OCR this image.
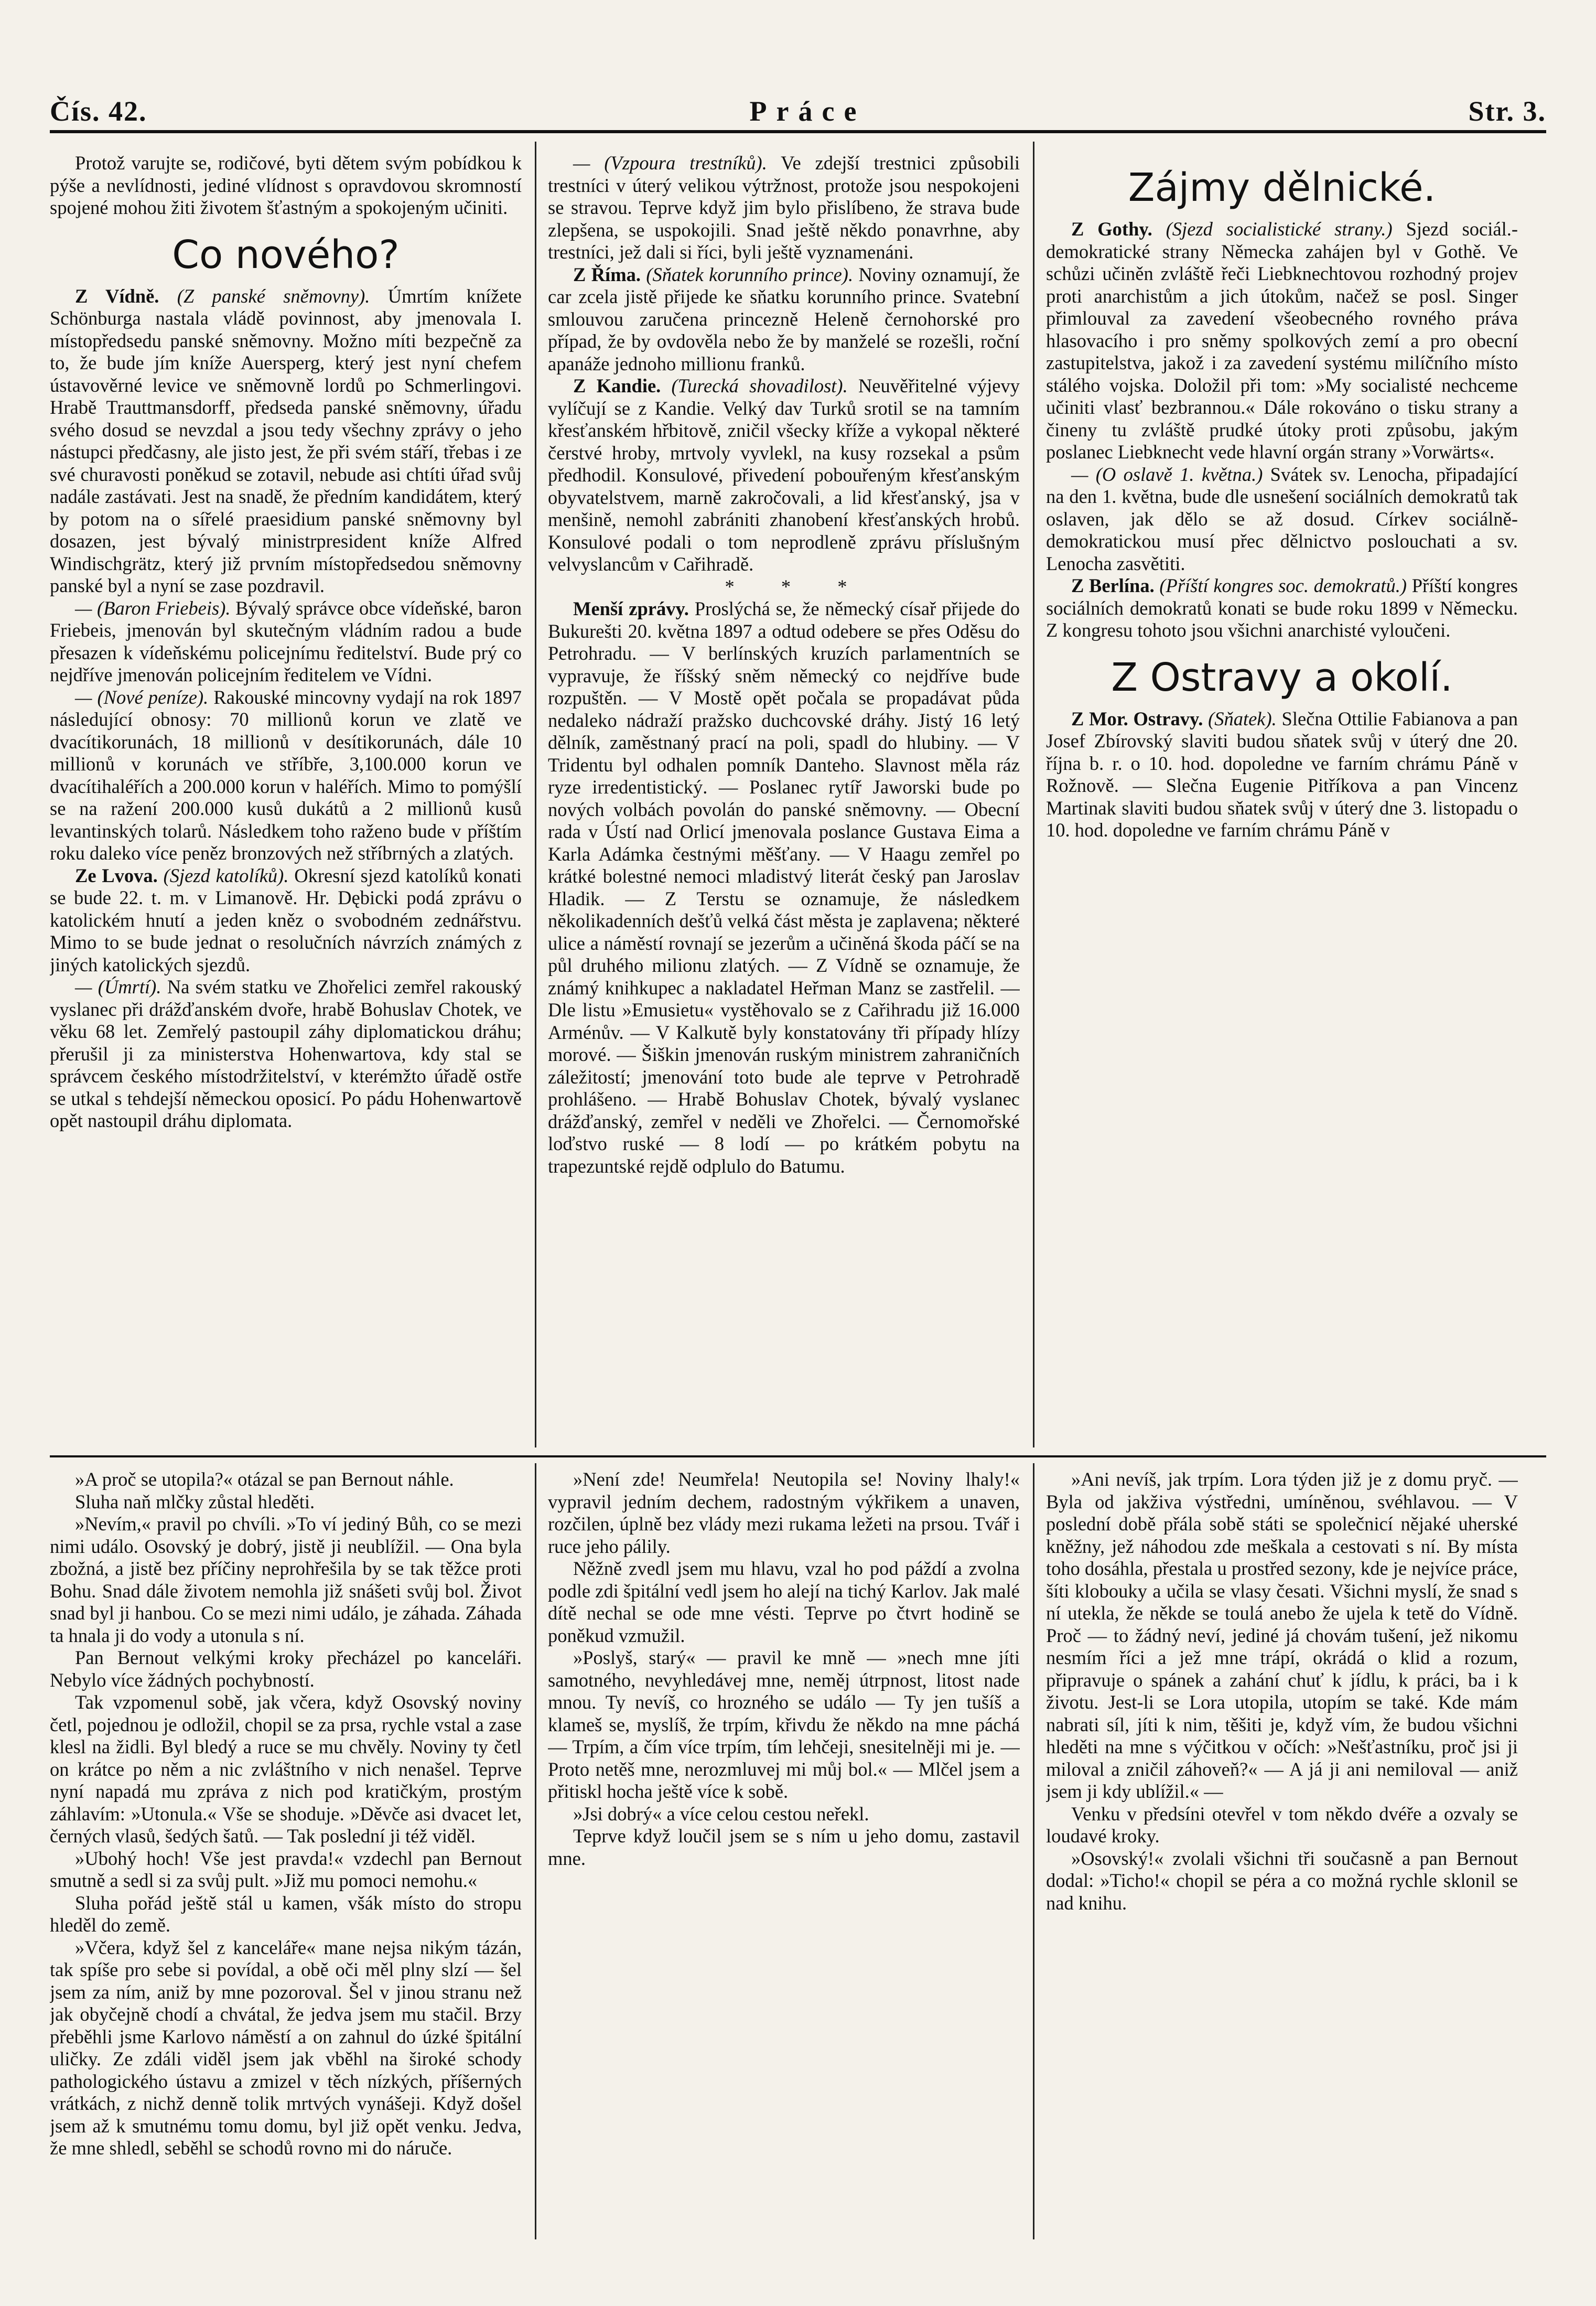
Čís. 42.	Práce	Str. 3.

Protož varujte se, rodičové, byti dětem svým pobídkou k pýše a nevlídnosti, jediné vlídnost s opravdovou skromností spojené mohou žiti životem šťastným a spokojeným učiniti.

Co nového?

Z Vídně. (Z panské sněmovny). Úmrtím knížete Schönburga nastala vládě povinnost, aby jmenovala I. místopředsedu panské sněmovny. Možno míti bezpečně za to, že bude jím kníže Auersperg, který jest nyní chefem ústavověrné levice ve sněmovně lordů po Schmerlingovi. Hrabě Trauttmansdorff, předseda panské sněmovny, úřadu svého dosud se nevzdal a jsou tedy všechny zprávy o jeho nástupci předčasny, ale jisto jest, že při svém stáří, třebas i ze své churavosti poněkud se zotavil, nebude asi chtíti úřad svůj nadále zastávati. Jest na snadě, že předním kandidátem, který by potom na o sířelé praesidium panské sněmovny byl dosazen, jest bývalý ministrpresident kníže Alfred Windischgrätz, který již prvním místopředsedou sněmovny panské byl a nyní se zase pozdravil.

— (Baron Friebeis). Bývalý správce obce vídeňské, baron Friebeis, jmenován byl skutečným vládním radou a bude přesazen k vídeňskému policejnímu ředitelství. Bude prý co nejdříve jmenován policejním ředitelem ve Vídni.

— (Nové peníze). Rakouské mincovny vydají na rok 1897 následující obnosy: 70 millionů korun ve zlatě ve dvacítikorunách, 18 millionů v desítikorunách, dále 10 millionů v korunách ve stříbře, 3,100.000 korun ve dvacítihaléřích a 200.000 korun v haléřích. Mimo to pomýšlí se na ražení 200.000 kusů dukátů a 2 millionů kusů levantinských tolarů. Následkem toho raženo bude v příštím roku daleko více peněz bronzových než stříbrných a zlatých.

Ze Lvova. (Sjezd katolíků). Okresní sjezd katolíků konati se bude 22. t. m. v Limanově. Hr. Dębicki podá zprávu o katolickém hnutí a jeden kněz o svobodném zednářstvu. Mimo to se bude jednat o resolučních návrzích známých z jiných katolických sjezdů.

— (Úmrtí). Na svém statku ve Zhořelici zemřel rakouský vyslanec při drážďanském dvoře, hrabě Bohuslav Chotek, ve věku 68 let. Zemřelý pastoupil záhy diplomatickou dráhu; přerušil ji za ministerstva Hohenwartova, kdy stal se správcem českého místodržitelství, v kterémžto úřadě ostře se utkal s tehdejší německou oposicí. Po pádu Hohenwartově opět nastoupil dráhu diplomata.

— (Vzpoura trestníků). Ve zdejší trestnici způsobili trestníci v úterý velikou výtržnost, protože jsou nespokojeni se stravou. Teprve když jim bylo přislíbeno, že strava bude zlepšena, se uspokojili. Snad ještě někdo ponavrhne, aby trestníci, jež dali si říci, byli ještě vyznamenáni.

Z Říma. (Sňatek korunního prince). Noviny oznamují, že car zcela jistě přijede ke sňatku korunního prince. Svatební smlouvou zaručena princezně Heleně černohorské pro případ, že by ovdověla nebo že by manželé se rozešli, roční apanáže jednoho millionu franků.

Z Kandie. (Turecká shovadilost). Neuvěřitelné výjevy vylíčují se z Kandie. Velký dav Turků srotil se na tamním křesťanském hřbitově, zničil všecky kříže a vykopal některé čerstvé hroby, mrtvoly vyvlekl, na kusy rozsekal a psům předhodil. Konsulové, přivedení pobouřeným křesťanským obyvatelstvem, marně zakročovali, a lid křesťanský, jsa v menšině, nemohl zabrániti zhanobení křesťanských hrobů. Konsulové podali o tom neprodleně zprávu příslušným velvyslancům v Cařihradě.

* * *

Menší zprávy. Proslýchá se, že německý císař přijede do Bukurešti 20. května 1897 a odtud odebere se přes Oděsu do Petrohradu. — V berlínských kruzích parlamentních se vypravuje, že říšský sněm německý co nejdříve bude rozpuštěn. — V Mostě opět počala se propadávat půda nedaleko nádraží pražsko duchcovské dráhy. Jistý 16 letý dělník, zaměstnaný prací na poli, spadl do hlubiny. — V Tridentu byl odhalen pomník Danteho. Slavnost měla ráz ryze irredentistický. — Poslanec rytíř Jaworski bude po nových volbách povolán do panské sněmovny. — Obecní rada v Ústí nad Orlicí jmenovala poslance Gustava Eima a Karla Adámka čestnými měšťany. — V Haagu zemřel po krátké bolestné nemoci mladistvý literát český pan Jaroslav Hladik. — Z Terstu se oznamuje, že následkem několikadenních dešťů velká část města je zaplavena; některé ulice a náměstí rovnají se jezerům a učiněná škoda páčí se na půl druhého milionu zlatých. — Z Vídně se oznamuje, že známý knihkupec a nakladatel Heřman Manz se zastřelil. — Dle listu »Emusietu« vystěhovalo se z Cařihradu již 16.000 Arménův. — V Kalkutě byly konstatovány tři případy hlízy morové. — Šiškin jmenován ruským ministrem zahraničních záležitostí; jmenování toto bude ale teprve v Petrohradě prohlášeno. — Hrabě Bohuslav Chotek, bývalý vyslanec drážďanský, zemřel v neděli ve Zhořelci. — Černomořské loďstvo ruské — 8 lodí — po krátkém pobytu na trapezuntské rejdě odplulo do Batumu.

Zájmy dělnické.

Z Gothy. (Sjezd socialistické strany.) Sjezd sociál.-demokratické strany Německa zahájen byl v Gothě. Ve schůzi učiněn zvláště řeči Liebknechtovou rozhodný projev proti anarchistům a jich útokům, načež se posl. Singer přimlouval za zavedení všeobecného rovného práva hlasovacího i pro sněmy spolkových zemí a pro obecní zastupitelstva, jakož i za zavedení systému milíčního místo stálého vojska. Doložil při tom: »My socialisté nechceme učiniti vlasť bezbrannou.« Dále rokováno o tisku strany a čineny tu zvláště prudké útoky proti způsobu, jakým poslanec Liebknecht vede hlavní orgán strany »Vorwärts«.

— (O oslavě 1. května.) Svátek sv. Lenocha, připadající na den 1. května, bude dle usnešení sociálních demokratů tak oslaven, jak dělo se až dosud. Církev sociálně-demokratickou musí přec dělnictvo poslouchati a sv. Lenocha zasvětiti.

Z Berlína. (Příští kongres soc. demokratů.) Příští kongres sociálních demokratů konati se bude roku 1899 v Německu. Z kongresu tohoto jsou všichni anarchisté vyloučeni.

Z Ostravy a okolí.

Z Mor. Ostravy. (Sňatek). Slečna Ottilie Fabianova a pan Josef Zbírovský slaviti budou sňatek svůj v úterý dne 20. října b. r. o 10. hod. dopoledne ve farním chrámu Páně v Rožnově. — Slečna Eugenie Pitříkova a pan Vincenz Martinak slaviti budou sňatek svůj v úterý dne 3. listopadu o 10. hod. dopoledne ve farním chrámu Páně v

»A proč se utopila?« otázal se pan Bernout náhle.

Sluha naň mlčky zůstal hleděti.

»Nevím,« pravil po chvíli. »To ví jediný Bůh, co se mezi nimi událo. Osovský je dobrý, jistě ji neublížil. — Ona byla zbožná, a jistě bez příčiny neprohřešila by se tak těžce proti Bohu. Snad dále životem nemohla již snášeti svůj bol. Život snad byl ji hanbou. Co se mezi nimi událo, je záhada. Záhada ta hnala ji do vody a utonula s ní.

Pan Bernout velkými kroky přecházel po kanceláři. Nebylo více žádných pochybností.

Tak vzpomenul sobě, jak včera, když Osovský noviny četl, pojednou je odložil, chopil se za prsa, rychle vstal a zase klesl na židli. Byl bledý a ruce se mu chvěly. Noviny ty četl on krátce po něm a nic zvláštního v nich nenašel. Teprve nyní napadá mu zpráva z nich pod kratičkým, prostým záhlavím: »Utonula.« Vše se shoduje. »Děvče asi dvacet let, černých vlasů, šedých šatů. — Tak poslední ji též viděl.

»Ubohý hoch! Vše jest pravda!« vzdechl pan Bernout smutně a sedl si za svůj pult. »Již mu pomoci nemohu.«

Sluha pořád ještě stál u kamen, všák místo do stropu hleděl do země.

»Včera, když šel z kanceláře« mane nejsa nikým tázán, tak spíše pro sebe si povídal, a obě oči měl plny slzí — šel jsem za ním, aniž by mne pozoroval. Šel v jinou stranu než jak obyčejně chodí a chvátal, že jedva jsem mu stačil. Brzy přeběhli jsme Karlovo náměstí a on zahnul do úzké špitální uličky. Ze zdáli viděl jsem jak vběhl na široké schody pathologického ústavu a zmizel v těch nízkých, příšerných vrátkách, z nichž denně tolik mrtvých vynášeji. Když došel jsem až k smutnému tomu domu, byl již opět venku. Jedva, že mne shledl, seběhl se schodů rovno mi do náruče.

»Není zde! Neumřela! Neutopila se! Noviny lhaly!« vypravil jedním dechem, radostným výkřikem a unaven, rozčilen, úplně bez vlády mezi rukama ležeti na prsou. Tvář i ruce jeho pálily.

Něžně zvedl jsem mu hlavu, vzal ho pod páždí a zvolna podle zdi špitální vedl jsem ho alejí na tichý Karlov. Jak malé dítě nechal se ode mne vésti. Teprve po čtvrt hodině se poněkud vzmužil.

»Poslyš, starý« — pravil ke mně — »nech mne jíti samotného, nevyhledávej mne, neměj útrpnost, litost nade mnou. Ty nevíš, co hrozného se událo — Ty jen tušíš a klameš se, myslíš, že trpím, křivdu že někdo na mne páchá — Trpím, a čím více trpím, tím lehčeji, snesitelněji mi je. — Proto netěš mne, nerozmluvej mi můj bol.« — Mlčel jsem a přitiskl hocha ještě více k sobě.

»Jsi dobrý« a více celou cestou neřekl.

Teprve když loučil jsem se s ním u jeho domu, zastavil mne.

»Ani nevíš, jak trpím. Lora týden již je z domu pryč. — Byla od jakživa výstředni, umíněnou, svéhlavou. — V poslední době přála sobě státi se společnicí nějaké uherské kněžny, jež náhodou zde meškala a cestovati s ní. By místa toho dosáhla, přestala u prostřed sezony, kde je nejvíce práce, šíti klobouky a učila se vlasy česati. Všichni myslí, že snad s ní utekla, že někde se toulá anebo že ujela k tetě do Vídně. Proč — to žádný neví, jediné já chovám tušení, jež nikomu nesmím říci a jež mne trápí, okrádá o klid a rozum, připravuje o spánek a zahání chuť k jídlu, k práci, ba i k životu. Jest-li se Lora utopila, utopím se také. Kde mám nabrati síl, jíti k nim, těšiti je, když vím, že budou všichni hleděti na mne s výčitkou v očích: »Nešťastníku, proč jsi ji miloval a zničil záhoveň?« — A já ji ani nemiloval — aniž jsem ji kdy ublížil.« —

Venku v předsíni otevřel v tom někdo dvéře a ozvaly se loudavé kroky.

»Osovský!« zvolali všichni tři současně a pan Bernout dodal: »Ticho!« chopil se péra a co možná rychle sklonil se nad knihu.
